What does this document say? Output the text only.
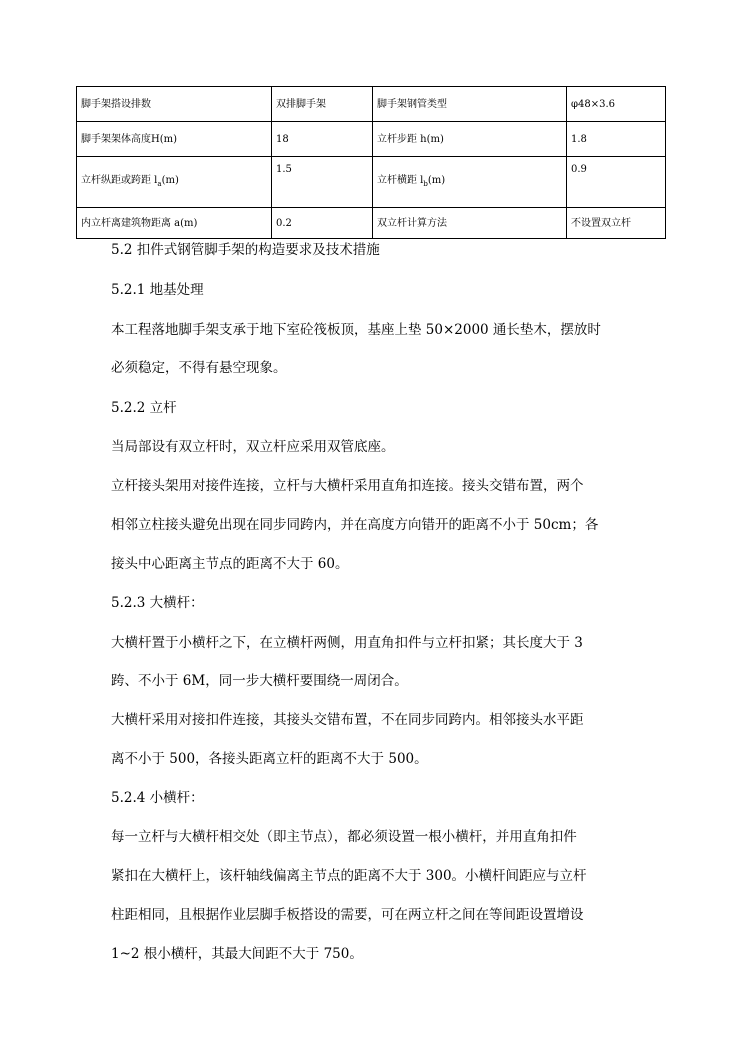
脚手架搭设排数	双排脚手架	脚手架钢管类型	φ48×3.6
脚手架架体高度H(m)	18	立杆步距 h(m)	1.8
立杆纵距或跨距 $l_a(m)$	1.5	立杆横距 $l_b(m)$	0.9
内立杆离建筑物距离 a(m)	0.2	双立杆计算方法	不设置双立杆
5.2 扣件式钢管脚手架的构造要求及技术措施
5.2.1 地基处理
本工程落地脚手架支承于地下室砼筏板顶，基座上垫 50×2000 通长垫木，摆放时
必须稳定，不得有悬空现象。
5.2.2 立杆
当局部设有双立杆时，双立杆应采用双管底座。
立杆接头架用对接件连接，立杆与大横杆采用直角扣连接。接头交错布置，两个
相邻立柱接头避免出现在同步同跨内，并在高度方向错开的距离不小于 50cm；各
接头中心距离主节点的距离不大于 60。
5.2.3 大横杆：
大横杆置于小横杆之下，在立横杆两侧，用直角扣件与立杆扣紧；其长度大于 3
跨、不小于 6M，同一步大横杆要围绕一周闭合。
大横杆采用对接扣件连接，其接头交错布置，不在同步同跨内。相邻接头水平距
离不小于 500，各接头距离立杆的距离不大于 500。
5.2.4 小横杆：
每一立杆与大横杆相交处（即主节点），都必须设置一根小横杆，并用直角扣件
紧扣在大横杆上，该杆轴线偏离主节点的距离不大于 300。小横杆间距应与立杆
柱距相同，且根据作业层脚手板搭设的需要，可在两立杆之间在等间距设置增设
1~2 根小横杆，其最大间距不大于 750。
